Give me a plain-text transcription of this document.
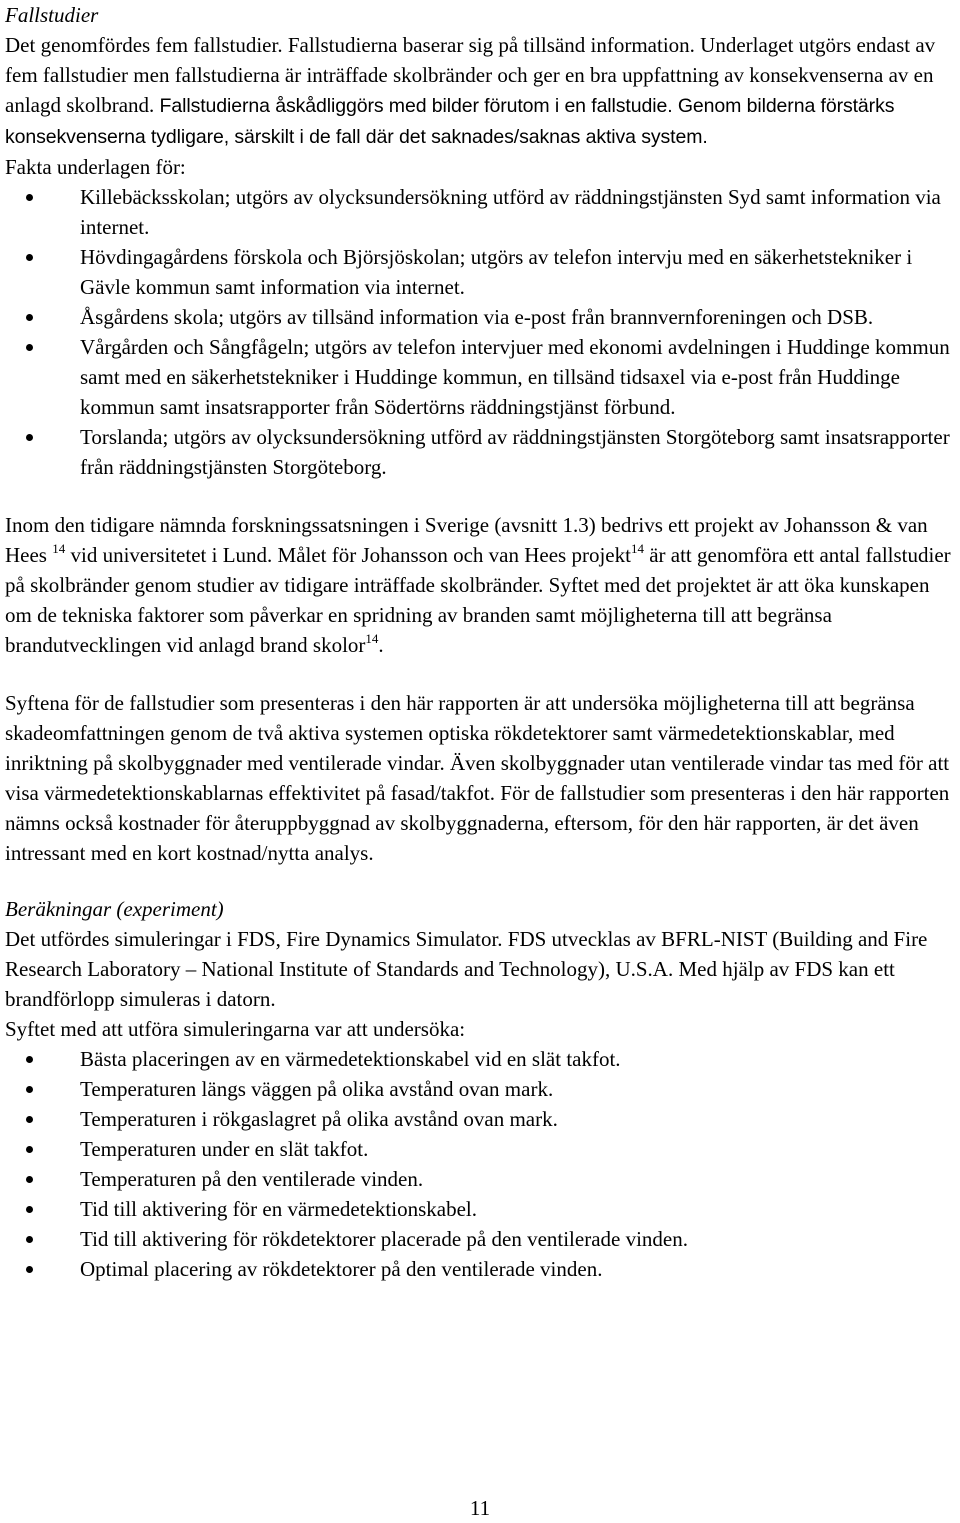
Fallstudier

Det genomfördes fem fallstudier. Fallstudierna baserar sig på tillsänd information. Underlaget utgörs endast av fem fallstudier men fallstudierna är inträffade skolbränder och ger en bra uppfattning av konsekvenserna av en anlagd skolbrand. Fallstudierna åskådliggörs med bilder förutom i en fallstudie. Genom bilderna förstärks konsekvenserna tydligare, särskilt i de fall där det saknades/saknas aktiva system.

Fakta underlagen för:

Killebäcksskolan; utgörs av olycksundersökning utförd av räddningstjänsten Syd samt information via internet.
Hövdingagårdens förskola och Björsjöskolan; utgörs av telefon intervju med en säkerhetstekniker i Gävle kommun samt information via internet.
Åsgårdens skola; utgörs av tillsänd information via e-post från brannvernforeningen och DSB.
Vårgården och Sångfågeln; utgörs av telefon intervjuer med ekonomi avdelningen i Huddinge kommun samt med en säkerhetstekniker i Huddinge kommun, en tillsänd tidsaxel via e-post från Huddinge kommun samt insatsrapporter från Södertörns räddningstjänst förbund.
Torslanda; utgörs av olycksundersökning utförd av räddningstjänsten Storgöteborg samt insatsrapporter från räddningstjänsten Storgöteborg.

Inom den tidigare nämnda forskningssatsningen i Sverige (avsnitt 1.3) bedrivs ett projekt av Johansson & van Hees $^{14}$ vid universitetet i Lund. Målet för Johansson och van Hees projekt$^{14}$ är att genomföra ett antal fallstudier på skolbränder genom studier av tidigare inträffade skolbränder. Syftet med det projektet är att öka kunskapen om de tekniska faktorer som påverkar en spridning av branden samt möjligheterna till att begränsa brandutvecklingen vid anlagd brand skolor$^{14}$.

Syftena för de fallstudier som presenteras i den här rapporten är att undersöka möjligheterna till att begränsa skadeomfattningen genom de två aktiva systemen optiska rökdetektorer samt värmedetektionskablar, med inriktning på skolbyggnader med ventilerade vindar. Även skolbyggnader utan ventilerade vindar tas med för att visa värmedetektionskablarnas effektivitet på fasad/takfot. För de fallstudier som presenteras i den här rapporten nämns också kostnader för återuppbyggnad av skolbyggnaderna, eftersom, för den här rapporten, är det även intressant med en kort kostnad/nytta analys.

Beräkningar (experiment)

Det utfördes simuleringar i FDS, Fire Dynamics Simulator. FDS utvecklas av BFRL-NIST (Building and Fire Research Laboratory – National Institute of Standards and Technology), U.S.A. Med hjälp av FDS kan ett brandförlopp simuleras i datorn.

Syftet med att utföra simuleringarna var att undersöka:

Bästa placeringen av en värmedetektionskabel vid en slät takfot.
Temperaturen längs väggen på olika avstånd ovan mark.
Temperaturen i rökgaslagret på olika avstånd ovan mark.
Temperaturen under en slät takfot.
Temperaturen på den ventilerade vinden.
Tid till aktivering för en värmedetektionskabel.
Tid till aktivering för rökdetektorer placerade på den ventilerade vinden.
Optimal placering av rökdetektorer på den ventilerade vinden.
11
